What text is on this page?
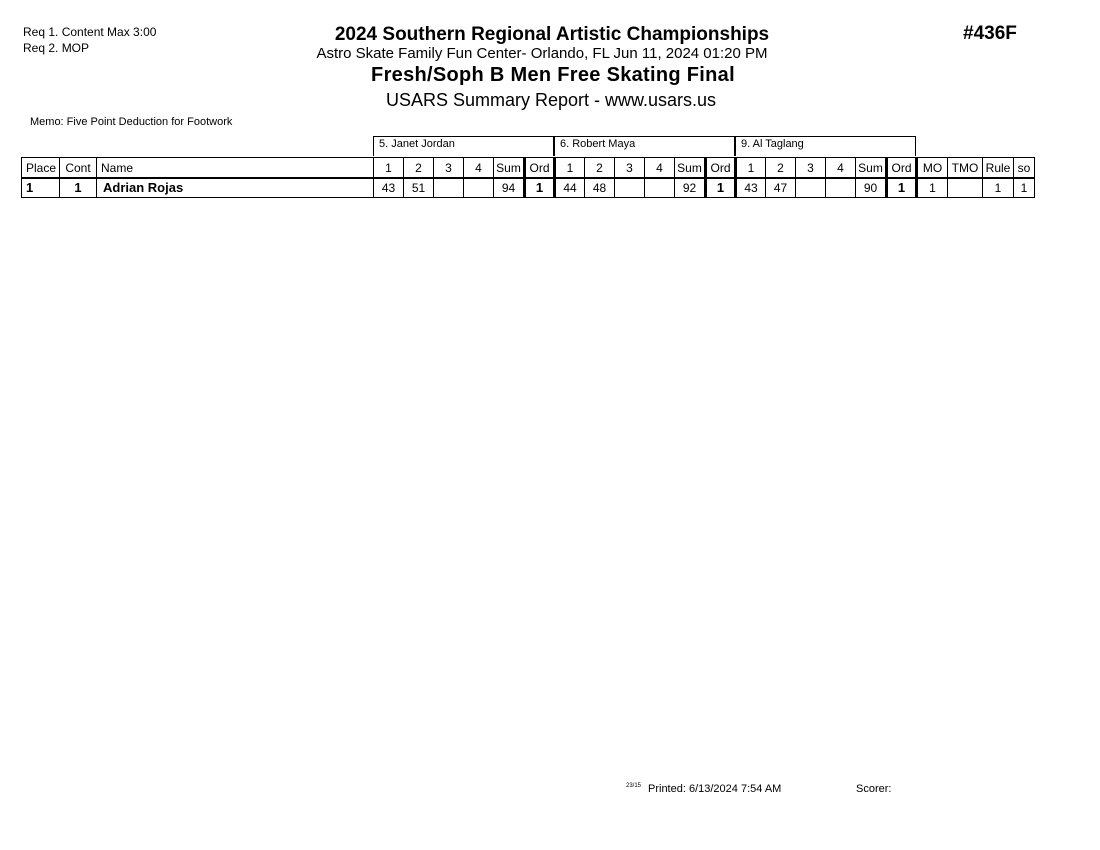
Req 1. Content Max 3:00
Req 2. MOP
#436F
2024 Southern Regional Artistic Championships
Astro Skate Family Fun Center- Orlando, FL Jun 11, 2024 01:20 PM
Fresh/Soph B Men Free Skating Final
USARS Summary Report - www.usars.us
Memo: Five Point Deduction for Footwork
5. Janet Jordan	6. Robert Maya	9. Al Taglang
Place	Cont	Name	1	2	3	4	Sum	Ord	1	2	3	4	Sum	Ord	1	2	3	4	Sum	Ord	MO	TMO	Rule	so
1	1	Adrian Rojas	43	51			94	1	44	48			92	1	43	47			90	1	1		1	1
23/15 Printed: 6/13/2024 7:54 AM	Scorer:
